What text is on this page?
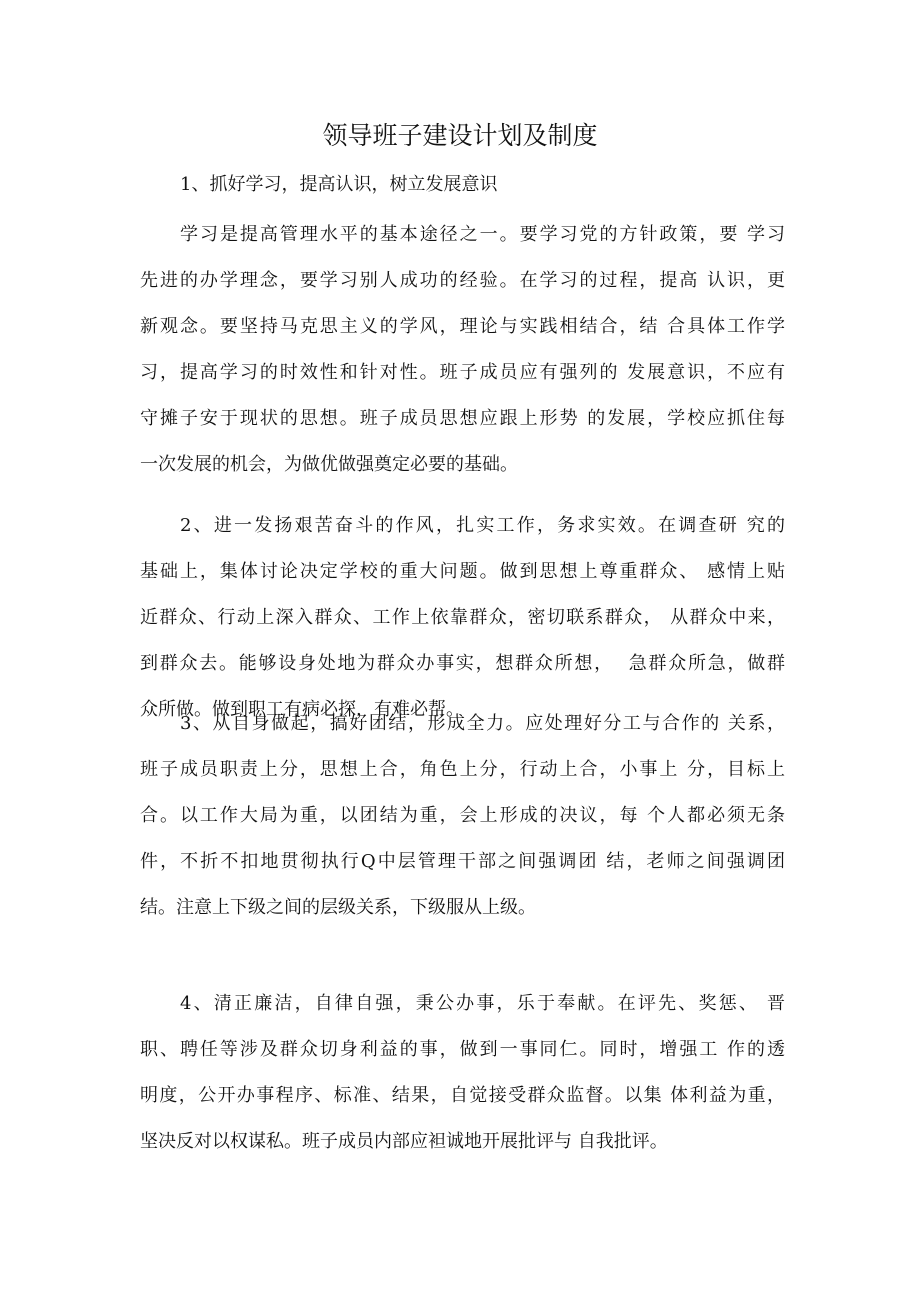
领导班子建设计划及制度

1、抓好学习，提高认识，树立发展意识

学习是提高管理水平的基本途径之一。要学习党的方针政策，要 学习
先进的办学理念，要学习别人成功的经验。在学习的过程，提高 认识，更
新观念。要坚持马克思主义的学风，理论与实践相结合，结 合具体工作学
习，提高学习的时效性和针对性。班子成员应有强列的 发展意识，不应有
守摊子安于现状的思想。班子成员思想应跟上形势 的发展，学校应抓住每
一次发展的机会，为做优做强奠定必要的基础。
2、进一发扬艰苦奋斗的作风，扎实工作，务求实效。在调查研 究的
基础上，集体讨论决定学校的重大问题。做到思想上尊重群众、 感情上贴
近群众、行动上深入群众、工作上依靠群众，密切联系群众， 从群众中来，
到群众去。能够设身处地为群众办事实，想群众所想，  急群众所急，做群
众所做。做到职工有病必探，有难必帮。
3、从自身做起，搞好团结，形成全力。应处理好分工与合作的 关系，
班子成员职责上分，思想上合，角色上分，行动上合，小事上 分，目标上
合。以工作大局为重，以团结为重，会上形成的决议，每 个人都必须无条
件，不折不扣地贯彻执行Q中层管理干部之间强调团 结，老师之间强调团
结。注意上下级之间的层级关系，下级服从上级。
4、清正廉洁，自律自强，秉公办事，乐于奉献。在评先、奖惩、 晋
职、聘任等涉及群众切身利益的事，做到一事同仁。同时，增强工 作的透
明度，公开办事程序、标准、结果，自觉接受群众监督。以集 体利益为重，
坚决反对以权谋私。班子成员内部应袒诚地开展批评与 自我批评。
